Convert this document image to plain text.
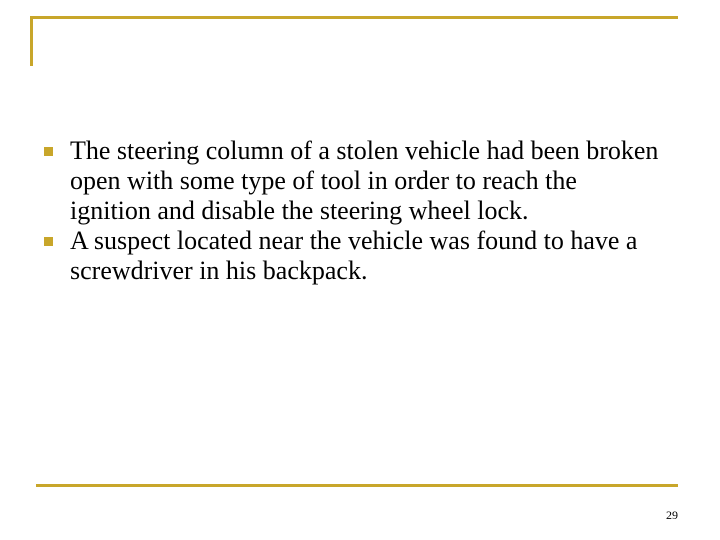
The steering column of a stolen vehicle had been broken open with some type of tool in order to reach the ignition and disable the steering wheel lock.
A suspect located near the vehicle was found to have a screwdriver in his backpack.
29
